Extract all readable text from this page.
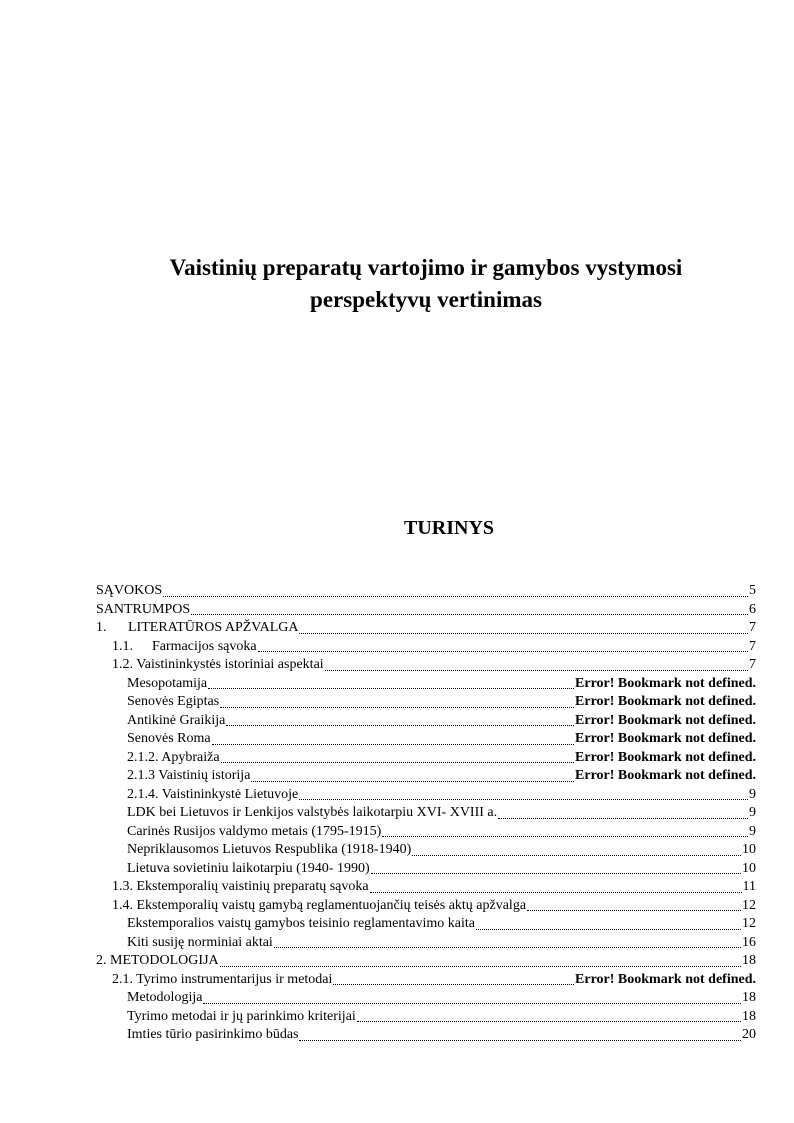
Vaistinių preparatų vartojimo ir gamybos vystymosi
perspektyvų vertinimas
TURINYS
SĄVOKOS	5
SANTRUMPOS	6
1. LITERATŪROS APŽVALGA	7
1.1. Farmacijos sąvoka	7
1.2. Vaistininkystės istoriniai aspektai	7
Mesopotamija	Error! Bookmark not defined.
Senovės Egiptas	Error! Bookmark not defined.
Antikinė Graikija	Error! Bookmark not defined.
Senovės Roma	Error! Bookmark not defined.
2.1.2. Apybraiža	Error! Bookmark not defined.
2.1.3 Vaistinių istorija	Error! Bookmark not defined.
2.1.4. Vaistininkystė Lietuvoje	9
LDK bei Lietuvos ir Lenkijos valstybės laikotarpiu XVI- XVIII a.	9
Carinės Rusijos valdymo metais (1795-1915)	9
Nepriklausomos Lietuvos Respublika (1918-1940)	10
Lietuva sovietiniu laikotarpiu (1940- 1990)	10
1.3. Ekstemporalių vaistinių preparatų sąvoka	11
1.4. Ekstemporalių vaistų gamybą reglamentuojančių teisės aktų apžvalga	12
Ekstemporalios vaistų gamybos teisinio reglamentavimo kaita	12
Kiti susiję norminiai aktai	16
2. METODOLOGIJA	18
2.1. Tyrimo instrumentarijus ir metodai	Error! Bookmark not defined.
Metodologija	18
Tyrimo metodai ir jų parinkimo kriterijai	18
Imties tūrio pasirinkimo būdas	20
